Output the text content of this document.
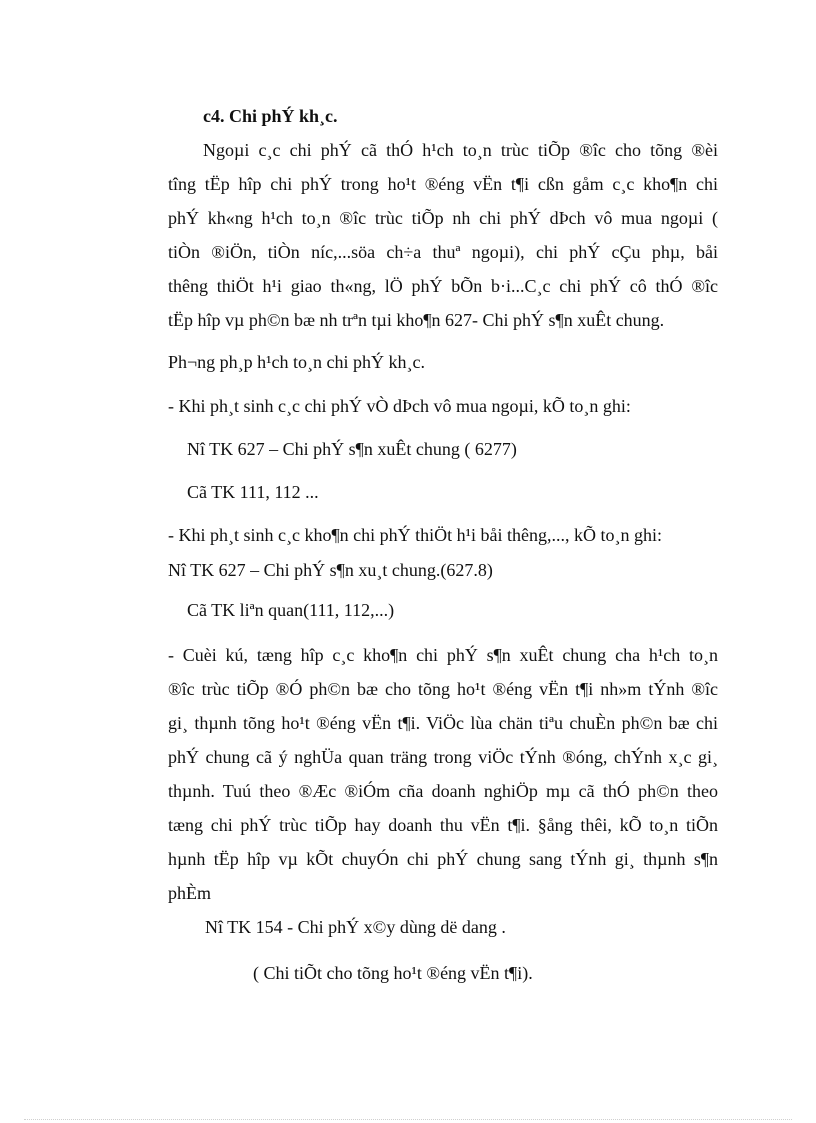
c4. Chi phÝ kh¸c.
Ngoµi c¸c chi phÝ cã thÓ h¹ch to¸n trùc tiÕp ®îc cho tõng ®èi
tîng tËp hîp chi phÝ trong ho¹t ®éng vËn t¶i cßn gåm c¸c kho¶n chi
phÝ kh«ng h¹ch to¸n ®îc trùc tiÕp nh chi phÝ dÞch vô mua ngoµi (
tiÒn ®iÖn, tiÒn níc,...söa ch÷a thuª ngoµi), chi phÝ cÇu phµ, båi
thêng thiÖt h¹i giao th«ng, lÖ phÝ bÕn b·i...C¸c chi phÝ cô thÓ ®îc
tËp hîp vµ ph©n bæ nh trªn tµi kho¶n 627- Chi phÝ s¶n xuÊt chung.
Ph¬ng ph¸p h¹ch to¸n chi phÝ kh¸c.
- Khi ph¸t sinh c¸c chi phÝ vÒ dÞch vô mua ngoµi, kÕ to¸n ghi:
Nî TK 627 – Chi phÝ s¶n xuÊt chung ( 6277)
Cã TK 111, 112 ...
- Khi ph¸t sinh c¸c kho¶n chi phÝ thiÖt h¹i båi thêng,..., kÕ to¸n ghi:
Nî TK 627 – Chi phÝ s¶n xu¸t chung.(627.8)
Cã TK liªn quan(111, 112,...)
- Cuèi kú, tæng hîp c¸c kho¶n chi phÝ s¶n xuÊt chung cha h¹ch to¸n
®îc trùc tiÕp ®Ó ph©n bæ cho tõng ho¹t ®éng vËn t¶i nh»m tÝnh ®îc
gi¸ thµnh tõng ho¹t ®éng vËn t¶i. ViÖc lùa chän tiªu chuÈn ph©n bæ chi
phÝ chung cã ý nghÜa quan träng trong viÖc tÝnh ®óng, chÝnh x¸c gi¸
thµnh. Tuú theo ®Æc ®iÓm cña doanh nghiÖp mµ cã thÓ ph©n theo
tæng chi phÝ trùc tiÕp hay doanh thu vËn t¶i. §ång thêi, kÕ to¸n tiÕn
hµnh tËp hîp vµ kÕt chuyÓn chi phÝ chung sang tÝnh gi¸ thµnh s¶n
phÈm
Nî TK 154 - Chi phÝ x©y dùng dë dang .
( Chi tiÕt cho tõng ho¹t ®éng vËn t¶i).
